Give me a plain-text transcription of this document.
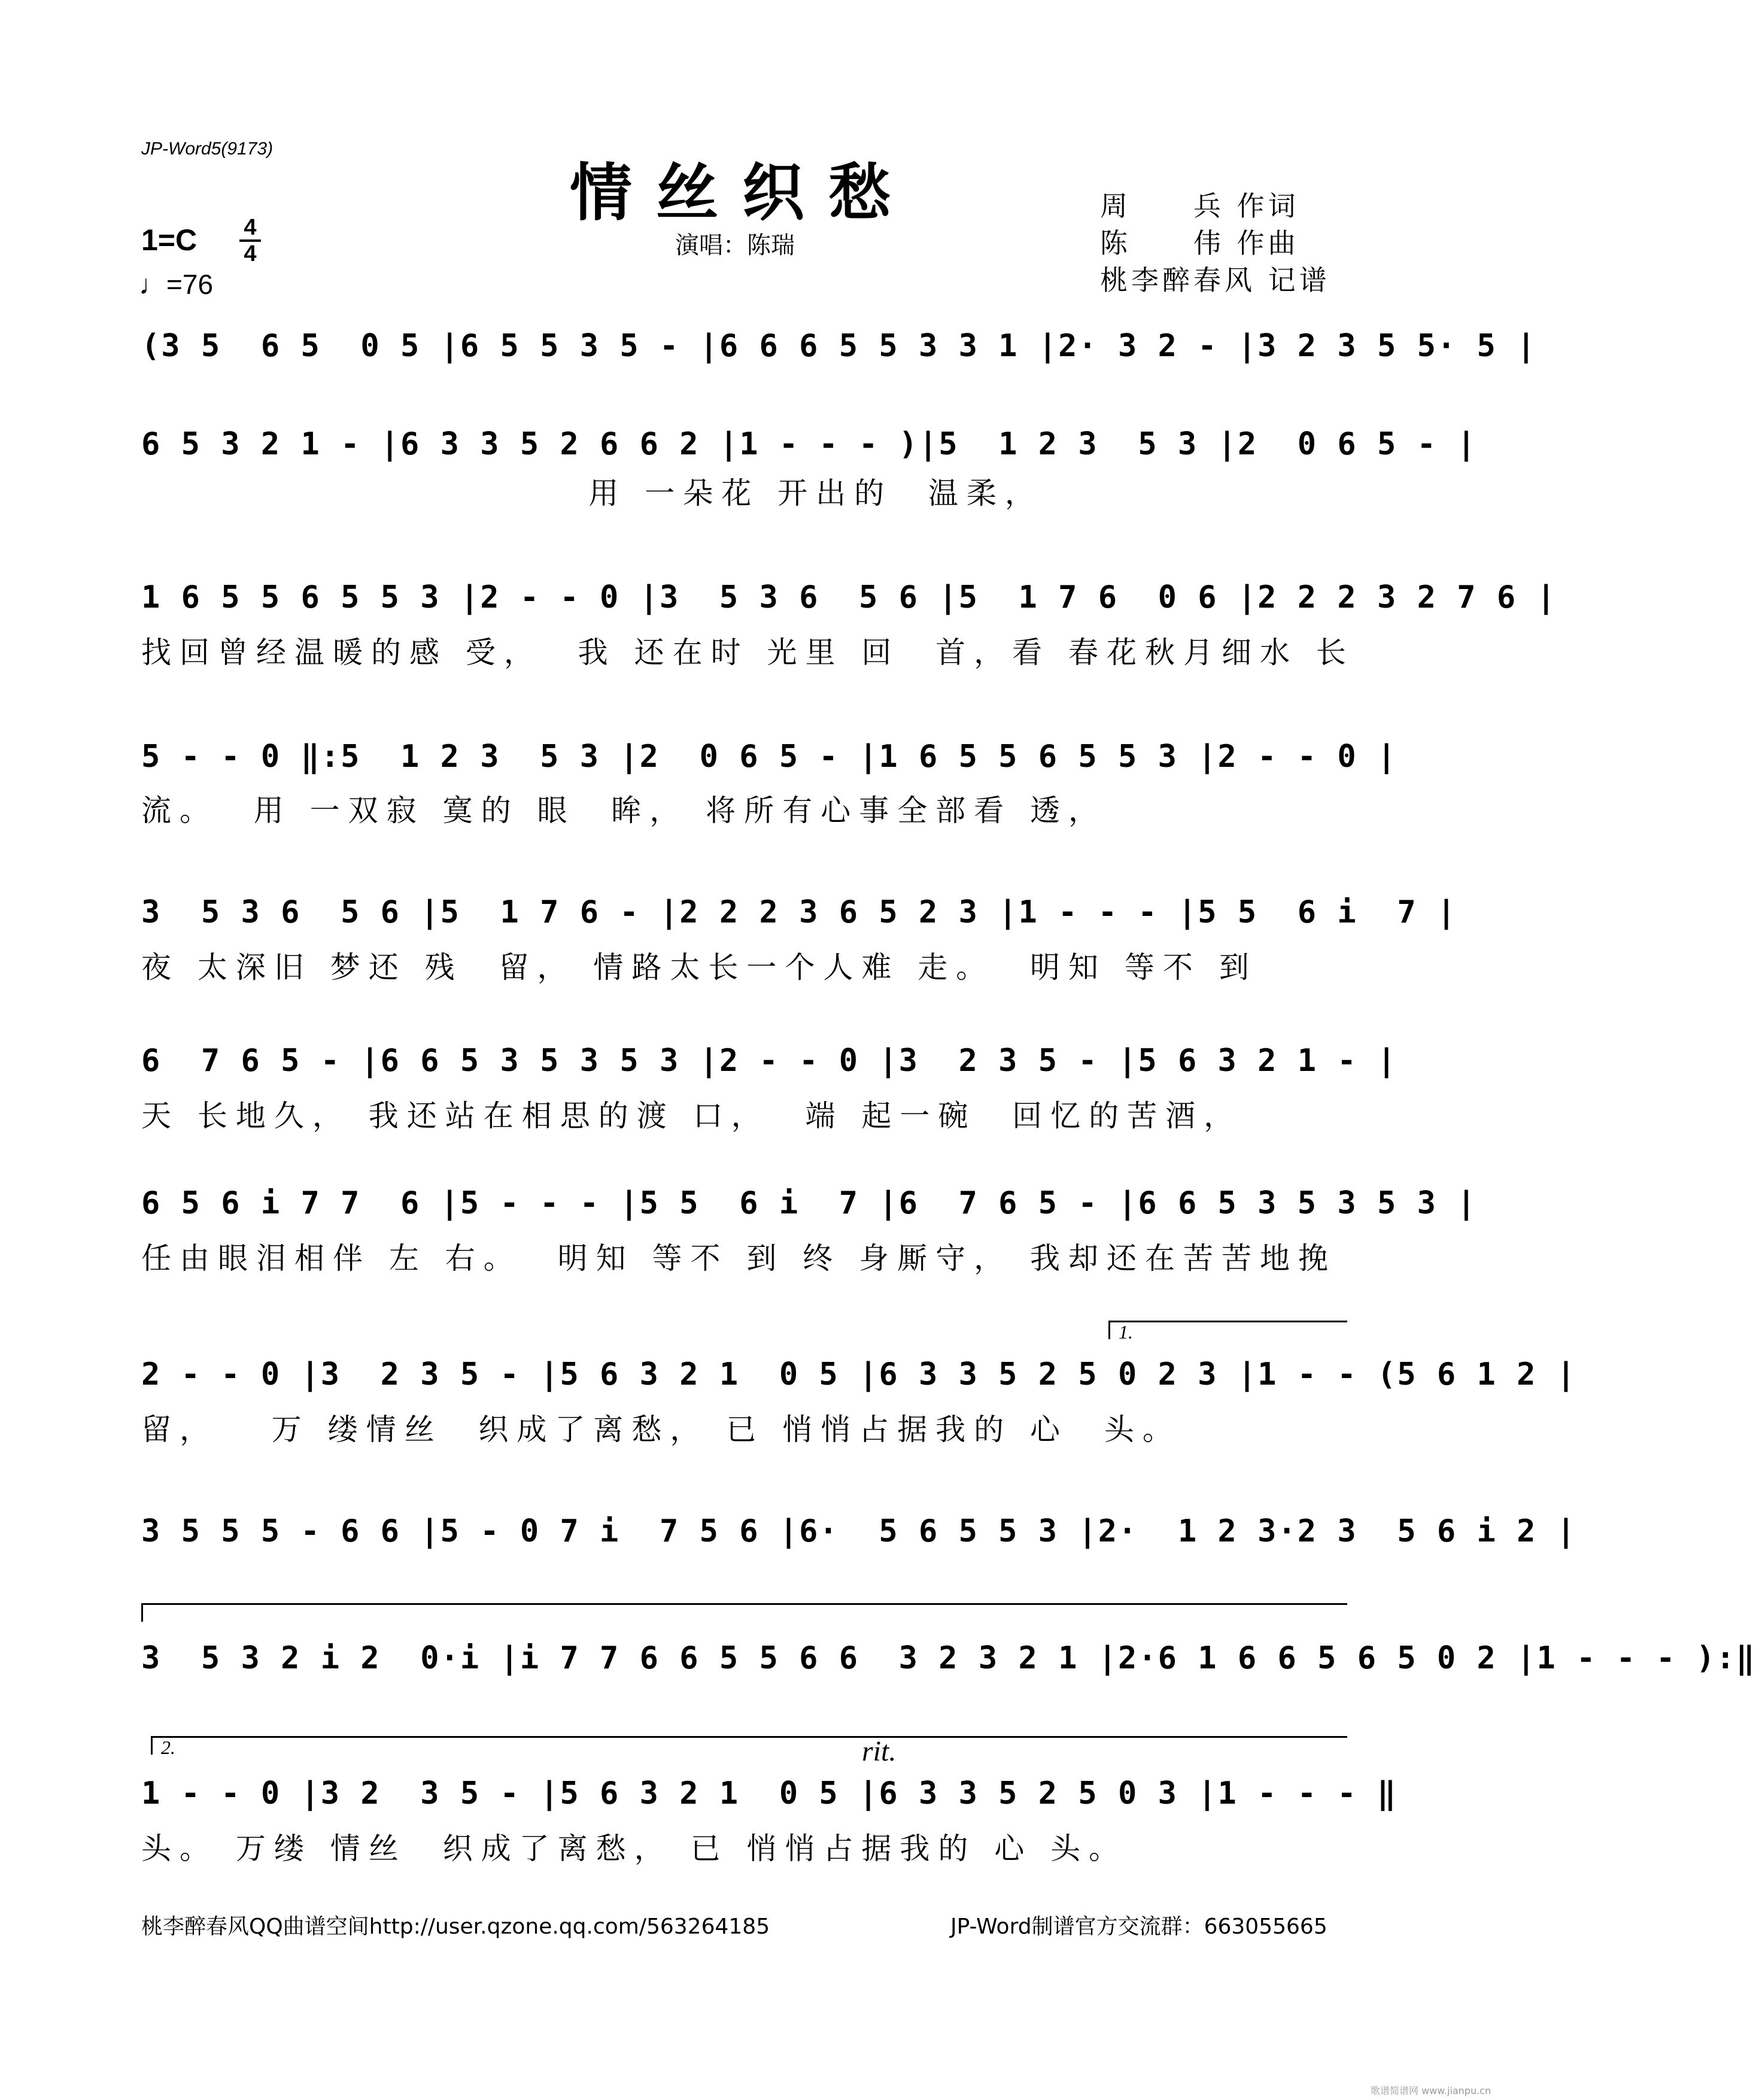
JP-Word5(9173)
情丝织愁
演唱：陈瑞
周　　兵 作词
陈　　伟 作曲
桃李醉春风 记谱
1=C 4
4
♩=76
(3 5  6 5  0 5 |6 5 5 3 5 - |6 6 6 5 5 3 3 1 |2· 3 2 - |3 2 3 5 5· 5 |
6 5 3 2 1 - |6 3 3 5 2 6 6 2 |1 - - - )|5  1 2 3  5 3 |2  0 6 5 - |
用 一朵花 开出的  温柔，
1 6 5 5 6 5 5 3 |2 - - 0 |3  5 3 6  5 6 |5  1 7 6  0 6 |2 2 2 3 2 7 6 |
找回曾经温暖的感 受，  我 还在时 光里 回  首，看 春花秋月细水 长
5 - - 0 ‖:5  1 2 3  5 3 |2  0 6 5 - |1 6 5 5 6 5 5 3 |2 - - 0 |
流。  用 一双寂 寞的 眼  眸， 将所有心事全部看 透，
3  5 3 6  5 6 |5  1 7 6 - |2 2 2 3 6 5 2 3 |1 - - - |5 5  6 i  7 |
夜 太深旧 梦还 残  留， 情路太长一个人难 走。  明知 等不 到
6  7 6 5 - |6 6 5 3 5 3 5 3 |2 - - 0 |3  2 3 5 - |5 6 3 2 1 - |
天 长地久， 我还站在相思的渡 口，  端 起一碗  回忆的苦酒，
6 5 6 i 7 7  6 |5 - - - |5 5  6 i  7 |6  7 6 5 - |6 6 5 3 5 3 5 3 |
任由眼泪相伴 左 右。  明知 等不 到 终 身厮守， 我却还在苦苦地挽
1.
2 - - 0 |3  2 3 5 - |5 6 3 2 1  0 5 |6 3 3 5 2 5 0 2 3 |1 - - (5 6 1 2 |
留，   万 缕情丝  织成了离愁， 已 悄悄占据我的 心  头。
3 5 5 5 - 6 6 |5 - 0 7 i  7 5 6 |6·  5 6 5 5 3 |2·  1 2 3·2 3  5 6 i 2 |
3  5 3 2 i 2  0·i |i 7 7 6 6 5 5 6 6  3 2 3 2 1 |2·6 1 6 6 5 6 5 0 2 |1 - - - ):‖
2.	rit.
1 - - 0 |3 2  3 5 - |5 6 3 2 1  0 5 |6 3 3 5 2 5 0 3 |1 - - - ‖
头。 万缕 情丝  织成了离愁， 已 悄悄占据我的 心 头。
桃李醉春风QQ曲谱空间http://user.qzone.qq.com/563264185	JP-Word制谱官方交流群：663055665
歌谱简谱网 www.jianpu.cn
